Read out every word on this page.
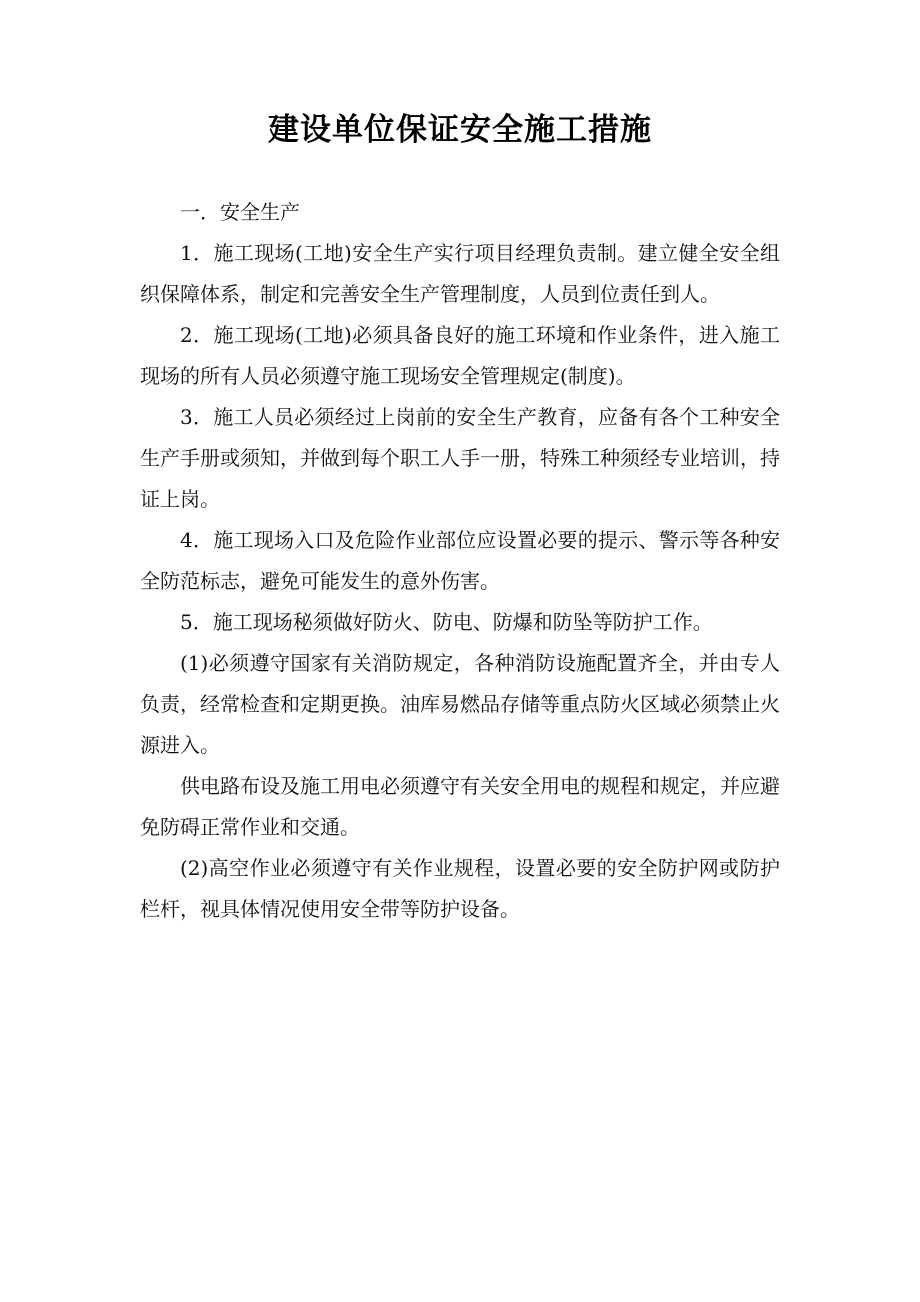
建设单位保证安全施工措施

一．安全生产

1．施工现场(工地)安全生产实行项目经理负责制。建立健全安全组织保障体系，制定和完善安全生产管理制度，人员到位责任到人。

2．施工现场(工地)必须具备良好的施工环境和作业条件，进入施工现场的所有人员必须遵守施工现场安全管理规定(制度)。

3．施工人员必须经过上岗前的安全生产教育，应备有各个工种安全生产手册或须知，并做到每个职工人手一册，特殊工种须经专业培训，持证上岗。

4．施工现场入口及危险作业部位应设置必要的提示、警示等各种安全防范标志，避免可能发生的意外伤害。

5．施工现场秘须做好防火、防电、防爆和防坠等防护工作。

(1)必须遵守国家有关消防规定，各种消防设施配置齐全，并由专人负责，经常检查和定期更换。油库易燃品存储等重点防火区域必须禁止火源进入。

供电路布设及施工用电必须遵守有关安全用电的规程和规定，并应避免防碍正常作业和交通。

(2)高空作业必须遵守有关作业规程，设置必要的安全防护网或防护栏杆，视具体情况使用安全带等防护设备。
